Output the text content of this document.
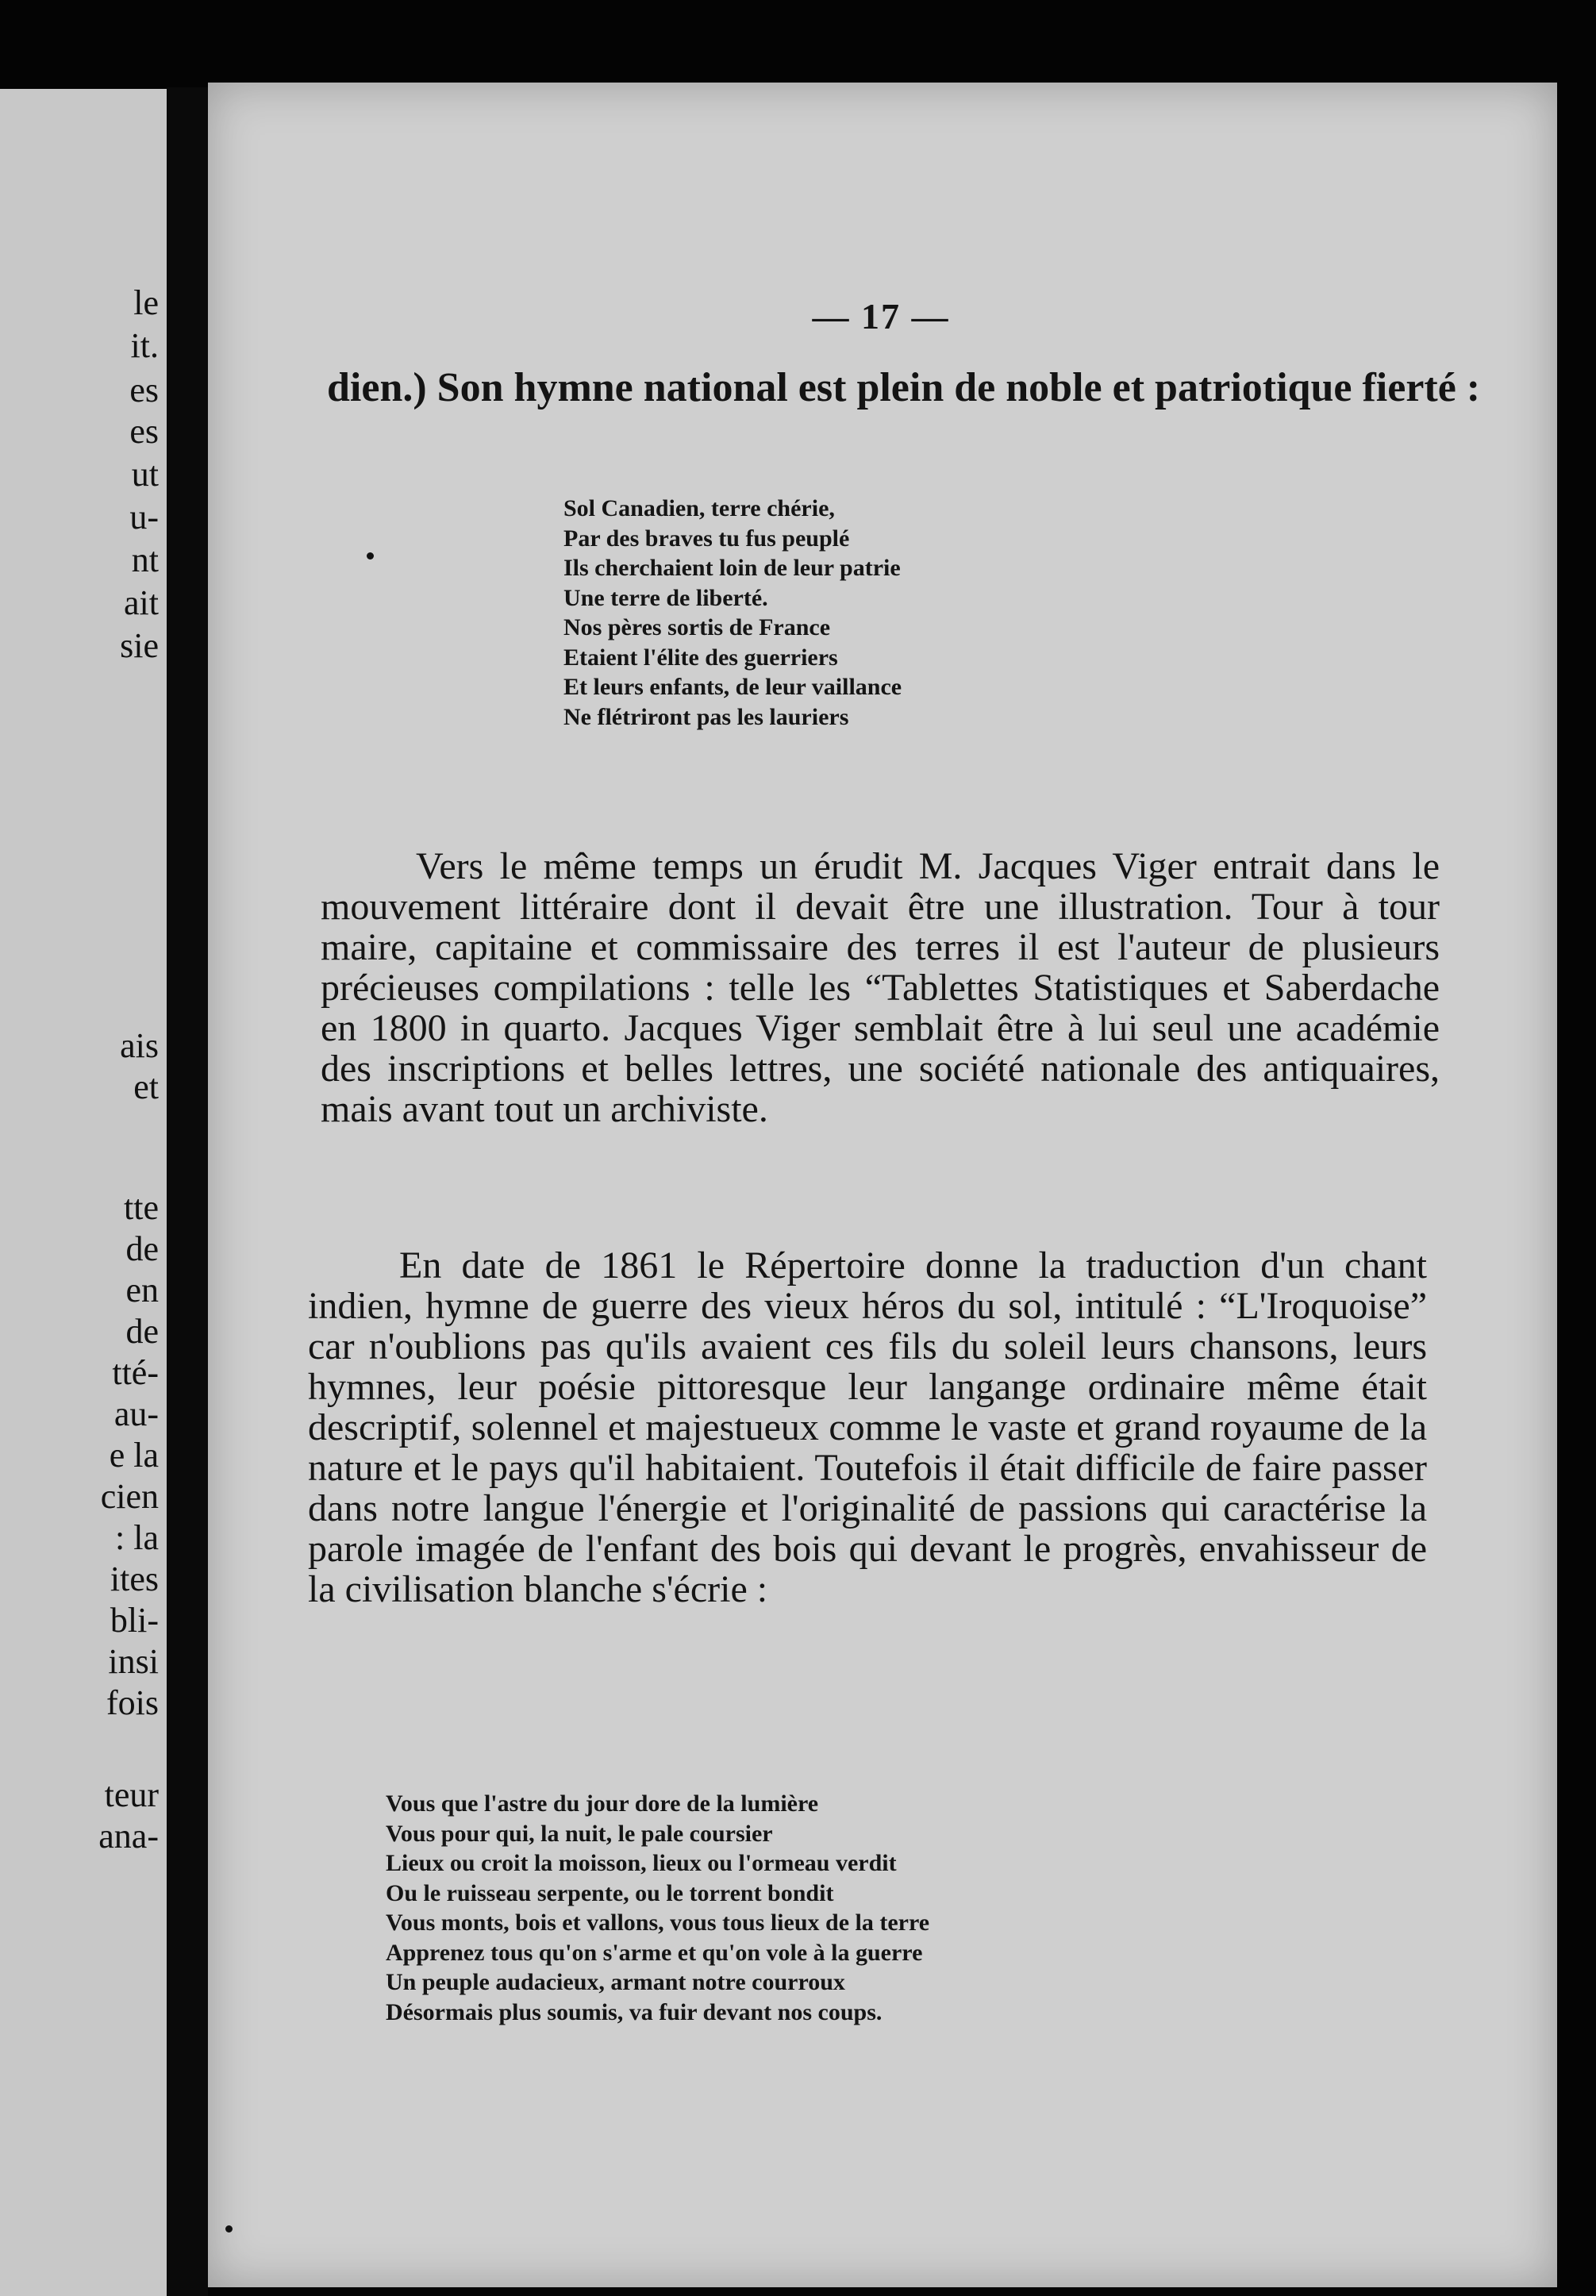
le
it.
es
es
ut
u-
nt
ait
sie
ais
et
tte
de
en
de
tté-
au-
e la
cien
: la
ites
bli-
insi
fois
teur
ana-
— 17 —

dien.) Son hymne national est plein de noble et patriotique fierté :

Sol Canadien, terre chérie,
Par des braves tu fus peuplé
Ils cherchaient loin de leur patrie
Une terre de liberté.
Nos pères sortis de France
Etaient l'élite des guerriers
Et leurs enfants, de leur vaillance
Ne flétriront pas les lauriers

Vers le même temps un érudit M. Jacques Viger entrait dans le mouvement littéraire dont il devait être une illustration. Tour à tour maire, capitaine et commissaire des terres il est l'auteur de plusieurs précieuses compilations : telle les “Tablettes Statistiques et Saberdache en 1800 in quarto. Jacques Viger semblait être à lui seul une académie des inscriptions et belles lettres, une société nationale des antiquaires, mais avant tout un archiviste.

En date de 1861 le Répertoire donne la traduction d'un chant indien, hymne de guerre des vieux héros du sol, intitulé : “L'Iroquoise” car n'oublions pas qu'ils avaient ces fils du soleil leurs chansons, leurs hymnes, leur poésie pittoresque leur langange ordinaire même était descriptif, solennel et majestueux comme le vaste et grand royaume de la nature et le pays qu'il habitaient. Toutefois il était difficile de faire passer dans notre langue l'énergie et l'originalité de passions qui caractérise la parole imagée de l'enfant des bois qui devant le progrès, envahisseur de la civilisation blanche s'écrie :

Vous que l'astre du jour dore de la lumière
Vous pour qui, la nuit, le pale coursier
Lieux ou croit la moisson, lieux ou l'ormeau verdit
Ou le ruisseau serpente, ou le torrent bondit
Vous monts, bois et vallons, vous tous lieux de la terre
Apprenez tous qu'on s'arme et qu'on vole à la guerre
Un peuple audacieux, armant notre courroux
Désormais plus soumis, va fuir devant nos coups.
